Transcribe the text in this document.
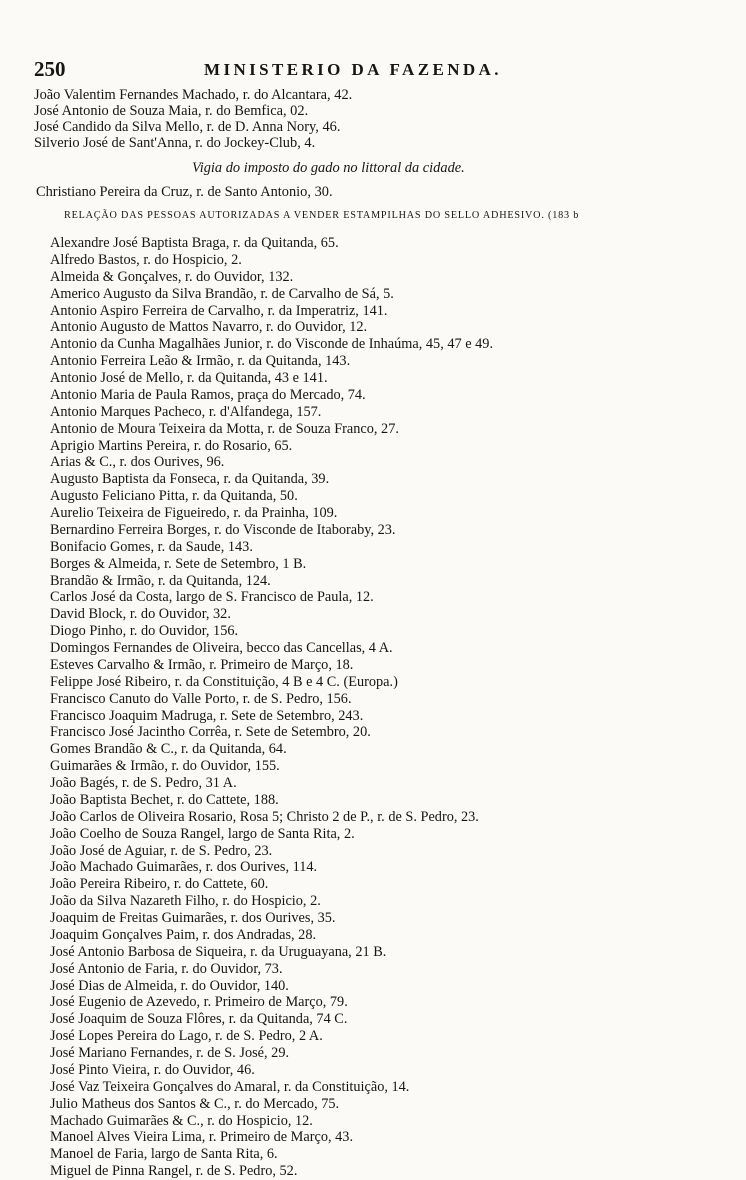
250	MINISTERIO DA FAZENDA.
João Valentim Fernandes Machado, r. do Alcantara, 42.
José Antonio de Souza Maia, r. do Bemfica, 02.
José Candido da Silva Mello, r. de D. Anna Nory, 46.
Silverio José de Sant'Anna, r. do Jockey-Club, 4.
Vigia do imposto do gado no littoral da cidade.
Christiano Pereira da Cruz, r. de Santo Antonio, 30.
RELAÇÃO DAS PESSOAS AUTORIZADAS A VENDER ESTAMPILHAS DO SELLO ADHESIVO. (183 b
Alexandre José Baptista Braga, r. da Quitanda, 65.
Alfredo Bastos, r. do Hospicio, 2.
Almeida & Gonçalves, r. do Ouvidor, 132.
Americo Augusto da Silva Brandão, r. de Carvalho de Sá, 5.
Antonio Aspiro Ferreira de Carvalho, r. da Imperatriz, 141.
Antonio Augusto de Mattos Navarro, r. do Ouvidor, 12.
Antonio da Cunha Magalhães Junior, r. do Visconde de Inhaúma, 45, 47 e 49.
Antonio Ferreira Leão & Irmão, r. da Quitanda, 143.
Antonio José de Mello, r. da Quitanda, 43 e 141.
Antonio Maria de Paula Ramos, praça do Mercado, 74.
Antonio Marques Pacheco, r. d'Alfandega, 157.
Antonio de Moura Teixeira da Motta, r. de Souza Franco, 27.
Aprigio Martins Pereira, r. do Rosario, 65.
Arias & C., r. dos Ourives, 96.
Augusto Baptista da Fonseca, r. da Quitanda, 39.
Augusto Feliciano Pitta, r. da Quitanda, 50.
Aurelio Teixeira de Figueiredo, r. da Prainha, 109.
Bernardino Ferreira Borges, r. do Visconde de Itaboraby, 23.
Bonifacio Gomes, r. da Saude, 143.
Borges & Almeida, r. Sete de Setembro, 1 B.
Brandão & Irmão, r. da Quitanda, 124.
Carlos José da Costa, largo de S. Francisco de Paula, 12.
David Block, r. do Ouvidor, 32.
Diogo Pinho, r. do Ouvidor, 156.
Domingos Fernandes de Oliveira, becco das Cancellas, 4 A.
Esteves Carvalho & Irmão, r. Primeiro de Março, 18.
Felippe José Ribeiro, r. da Constituição, 4 B e 4 C. (Europa.)
Francisco Canuto do Valle Porto, r. de S. Pedro, 156.
Francisco Joaquim Madruga, r. Sete de Setembro, 243.
Francisco José Jacintho Corrêa, r. Sete de Setembro, 20.
Gomes Brandão & C., r. da Quitanda, 64.
Guimarães & Irmão, r. do Ouvidor, 155.
João Bagés, r. de S. Pedro, 31 A.
João Baptista Bechet, r. do Cattete, 188.
João Carlos de Oliveira Rosario, Rosa 5; Christo 2 de P., r. de S. Pedro, 23.
João Coelho de Souza Rangel, largo de Santa Rita, 2.
João José de Aguiar, r. de S. Pedro, 23.
João Machado Guimarães, r. dos Ourives, 114.
João Pereira Ribeiro, r. do Cattete, 60.
João da Silva Nazareth Filho, r. do Hospicio, 2.
Joaquim de Freitas Guimarães, r. dos Ourives, 35.
Joaquim Gonçalves Paim, r. dos Andradas, 28.
José Antonio Barbosa de Siqueira, r. da Uruguayana, 21 B.
José Antonio de Faria, r. do Ouvidor, 73.
José Dias de Almeida, r. do Ouvidor, 140.
José Eugenio de Azevedo, r. Primeiro de Março, 79.
José Joaquim de Souza Flôres, r. da Quitanda, 74 C.
José Lopes Pereira do Lago, r. de S. Pedro, 2 A.
José Mariano Fernandes, r. de S. José, 29.
José Pinto Vieira, r. do Ouvidor, 46.
José Vaz Teixeira Gonçalves do Amaral, r. da Constituição, 14.
Julio Matheus dos Santos & C., r. do Mercado, 75.
Machado Guimarães & C., r. do Hospicio, 12.
Manoel Alves Vieira Lima, r. Primeiro de Março, 43.
Manoel de Faria, largo de Santa Rita, 6.
Miguel de Pinna Rangel, r. de S. Pedro, 52.
